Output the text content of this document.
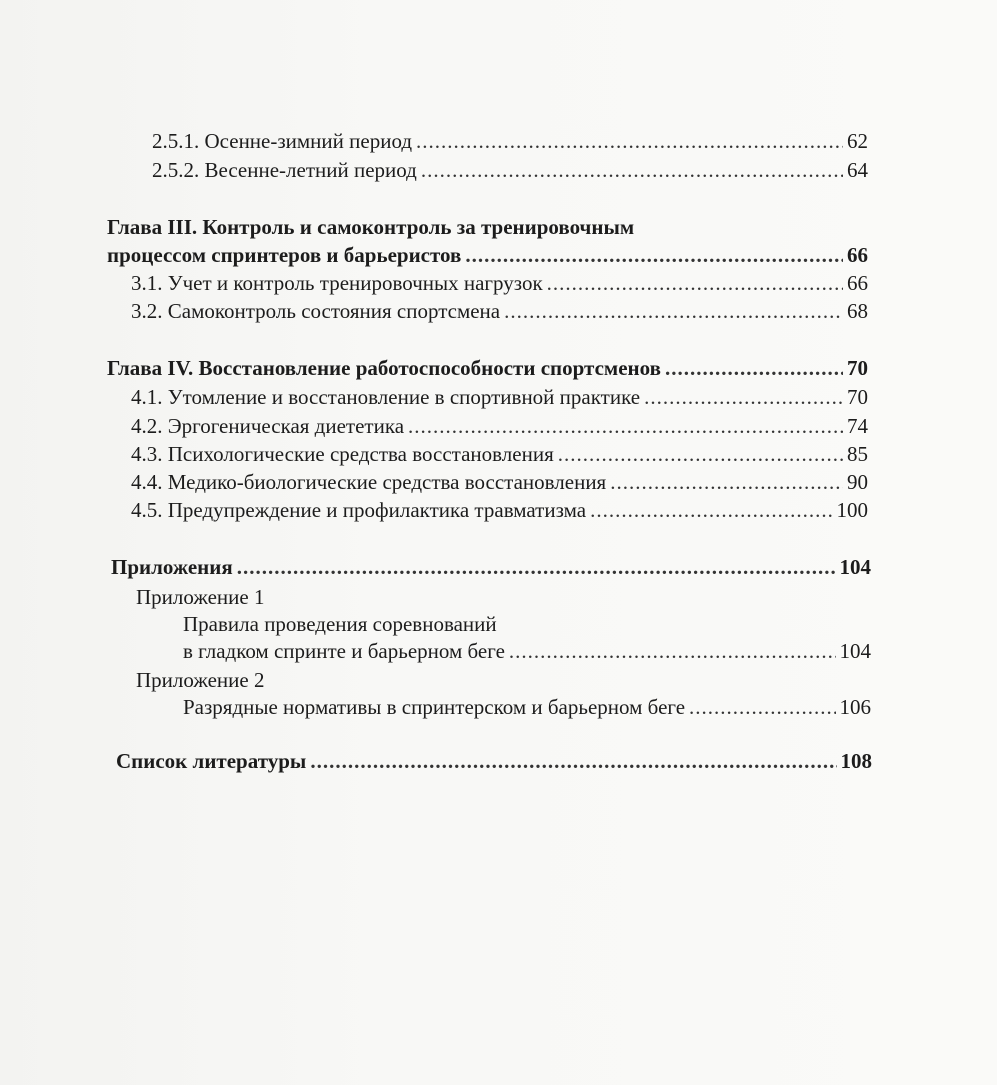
2.5.1. Осенне-зимний период .....	62
2.5.2. Весенне-летний период .....	64
Глава III. Контроль и самоконтроль за тренировочным
процессом спринтеров и барьеристов .....	66
3.1. Учет и контроль тренировочных нагрузок .....	66
3.2. Самоконтроль состояния спортсмена .....	68
Глава IV. Восстановление работоспособности спортсменов .....	70
4.1. Утомление и восстановление в спортивной практике .....	70
4.2. Эргогеническая диететика .....	74
4.3. Психологические средства восстановления .....	85
4.4. Медико-биологические средства восстановления .....	90
4.5. Предупреждение и профилактика травматизма .....	100
Приложения .....	104
Приложение 1
Правила проведения соревнований
в гладком спринте и барьерном беге .....	104
Приложение 2
Разрядные нормативы в спринтерском и барьерном беге .....	106
Список литературы .....	108
